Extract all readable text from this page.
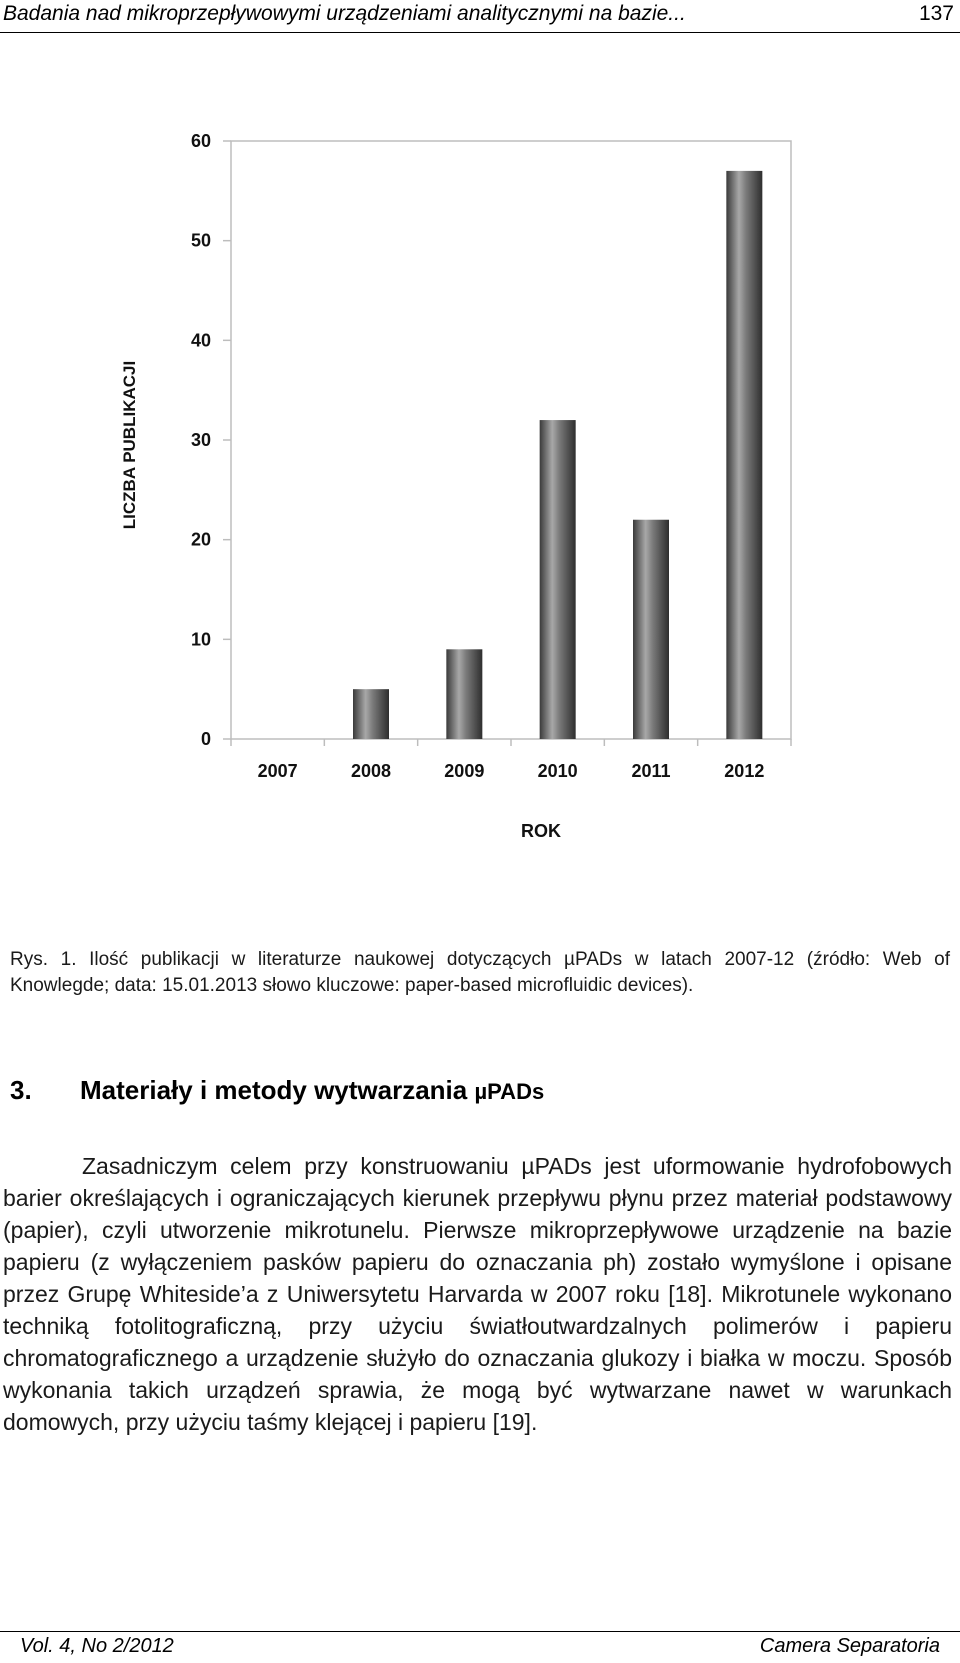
Badania nad mikroprzepływowymi urządzeniami analitycznymi na bazie...	137
0
10
20
30
40
50
60
2007	2008	2009	2010	2011	2012
LICZBA PUBLIKACJI
ROK
Rys. 1. Ilość publikacji w literaturze naukowej dotyczących µPADs w latach 2007-12 (źródło: Web of Knowlegde; data: 15.01.2013 słowo kluczowe: paper-based microfluidic devices).
3. Materiały i metody wytwarzania µPADs

Zasadniczym celem przy konstruowaniu µPADs jest uformowanie hydrofobowych barier określających i ograniczających kierunek przepływu płynu przez materiał podstawowy (papier), czyli utworzenie mikrotunelu. Pierwsze mikroprzepływowe urządzenie na bazie papieru (z wyłączeniem pasków papieru do oznaczania ph) zostało wymyślone i opisane przez Grupę Whiteside’a z Uniwersytetu Harvarda w 2007 roku [18]. Mikrotunele wykonano techniką fotolitograficzną, przy użyciu światłoutwardzalnych polimerów i papieru chromatograficznego a urządzenie służyło do oznaczania glukozy i białka w moczu. Sposób wykonania takich urządzeń sprawia, że mogą być wytwarzane nawet w warunkach domowych, przy użyciu taśmy klejącej i papieru [19].

Vol. 4, No 2/2012	Camera Separatoria
